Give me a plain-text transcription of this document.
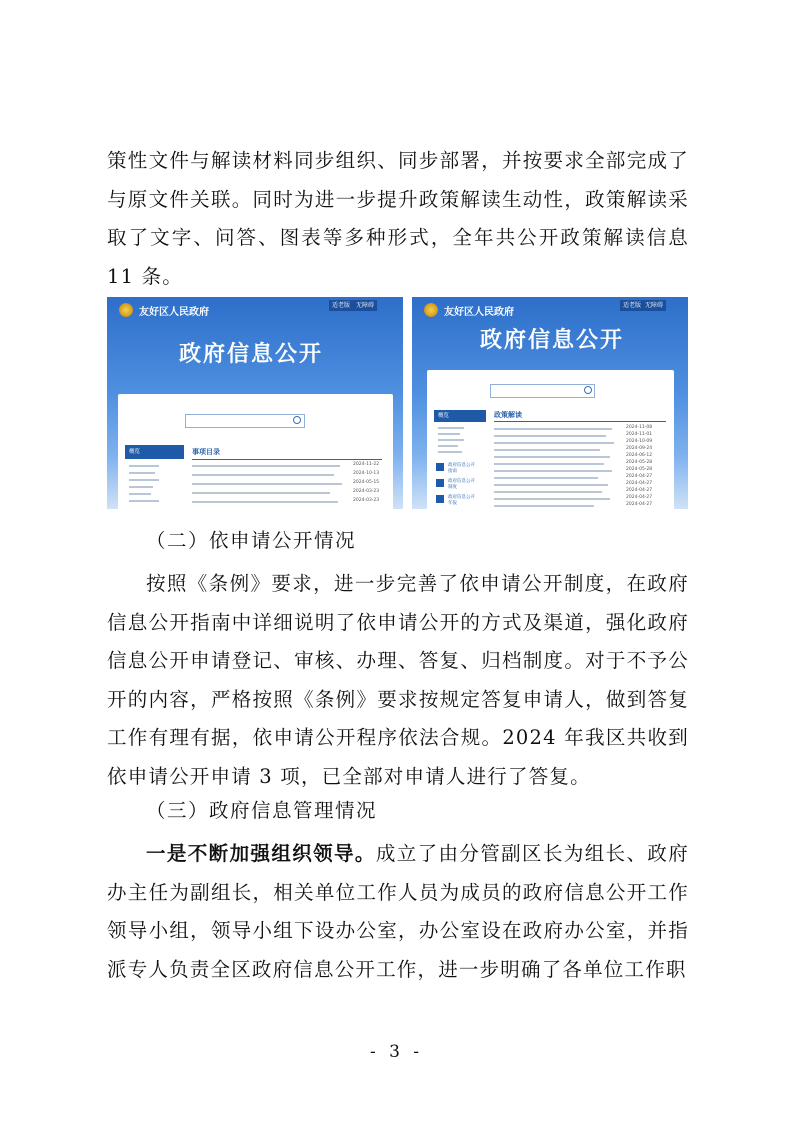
策性文件与解读材料同步组织、同步部署，并按要求全部完成了与原文件关联。同时为进一步提升政策解读生动性，政策解读采取了文字、问答、图表等多种形式，全年共公开政策解读信息 11 条。

友好区人民政府
适老版 无障碍
政府信息公开
概览	事项目录
2024-11-22
2024-10-13
2024-05-15
2024-03-23
2024-03-23
友好区人民政府
适老版 无障碍
政府信息公开
概览
政府信息公开指南
政府信息公开制度
政府信息公开年报
政策解读
2024-11-08
2024-11-01
2024-10-09
2024-09-24
2024-06-12
2024-05-28
2024-05-28
2024-04-27
2024-04-27
2024-04-27
2024-04-27
2024-04-27

（二）依申请公开情况

按照《条例》要求，进一步完善了依申请公开制度，在政府信息公开指南中详细说明了依申请公开的方式及渠道，强化政府信息公开申请登记、审核、办理、答复、归档制度。对于不予公开的内容，严格按照《条例》要求按规定答复申请人，做到答复工作有理有据，依申请公开程序依法合规。2024 年我区共收到依申请公开申请 3 项，已全部对申请人进行了答复。

（三）政府信息管理情况

一是不断加强组织领导。成立了由分管副区长为组长、政府办主任为副组长，相关单位工作人员为成员的政府信息公开工作领导小组，领导小组下设办公室，办公室设在政府办公室，并指派专人负责全区政府信息公开工作，进一步明确了各单位工作职

- 3 -
